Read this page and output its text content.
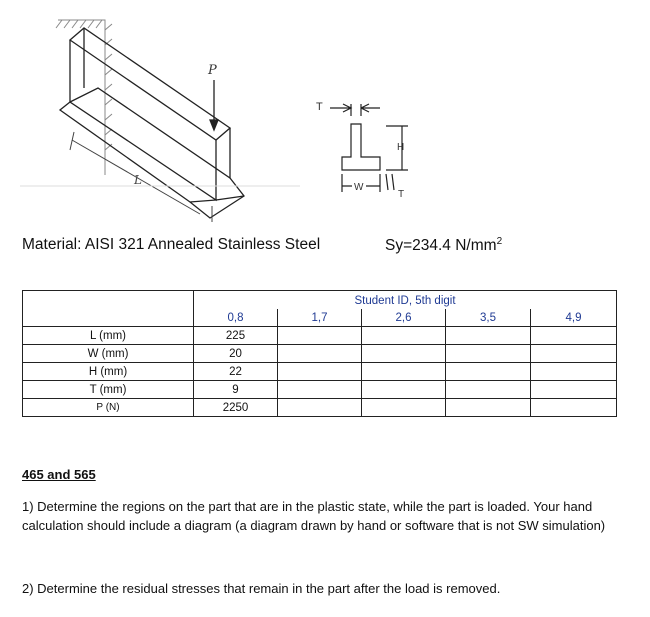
P
L
T
H
W
T
Material: AISI 321 Annealed Stainless Steel	Sy=234.4 $N/mm^2$
	Student ID, 5th digit				
	0,8	1,7	2,6	3,5	4,9
L (mm)	225				
W (mm)	20				
H (mm)	22				
T (mm)	9				
P (N)	2250				
465 and 565
1) Determine the regions on the part that are in the plastic state, while the part is loaded. Your hand calculation should include a diagram (a diagram drawn by hand or software that is not SW simulation)
2) Determine the residual stresses that remain in the part after the load is removed.
